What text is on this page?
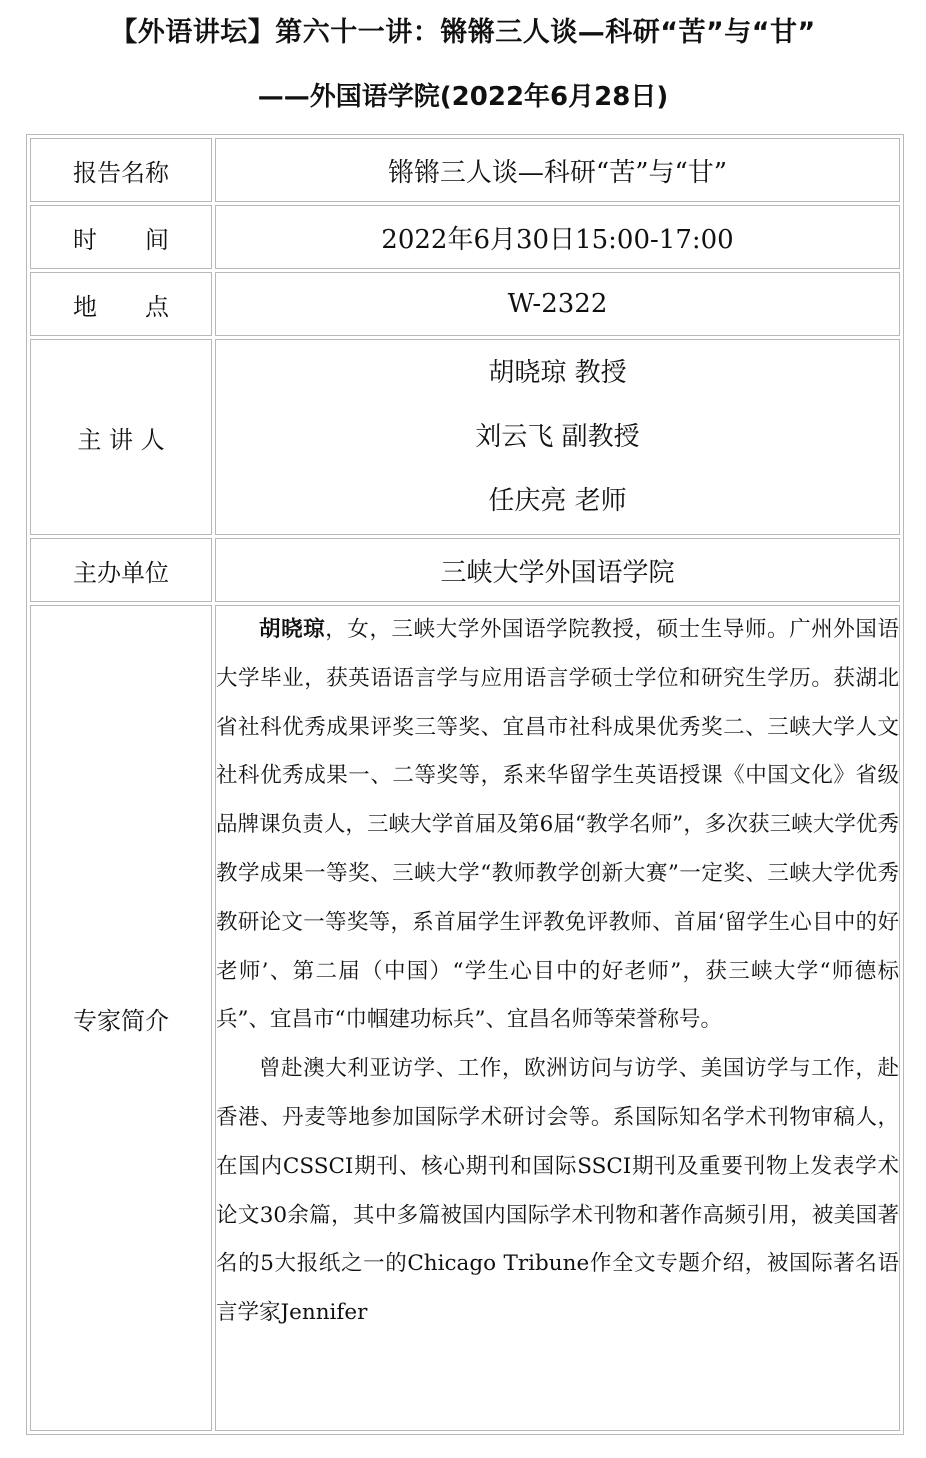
【外语讲坛】第六十一讲：锵锵三人谈—科研“苦”与“甘”
——外国语学院(2022年6月28日)
报告名称	锵锵三人谈—科研“苦”与“甘”
时　　间	2022年6月30日15:00-17:00
地　　点	W-2322
主 讲 人	胡晓琼 教授
刘云飞 副教授
任庆亮 老师

主办单位	三峡大学外国语学院
专家简介	胡晓琼，女，三峡大学外国语学院教授，硕士生导师。广州外国语大学毕业，获英语语言学与应用语言学硕士学位和研究生学历。获湖北省社科优秀成果评奖三等奖、宜昌市社科成果优秀奖二、三峡大学人文社科优秀成果一、二等奖等，系来华留学生英语授课《中国文化》省级品牌课负责人，三峡大学首届及第6届“教学名师”，多次获三峡大学优秀教学成果一等奖、三峡大学“教师教学创新大赛”一定奖、三峡大学优秀教研论文一等奖等，系首届学生评教免评教师、首届‘留学生心目中的好老师’、第二届（中国）“学生心目中的好老师”，获三峡大学“师德标兵”、宜昌市“巾帼建功标兵”、宜昌名师等荣誉称号。

曾赴澳大利亚访学、工作，欧洲访问与访学、美国访学与工作，赴香港、丹麦等地参加国际学术研讨会等。系国际知名学术刊物审稿人，在国内CSSCI期刊、核心期刊和国际SSCI期刊及重要刊物上发表学术论文30余篇，其中多篇被国内国际学术刊物和著作高频引用，被美国著名的5大报纸之一的Chicago Tribune作全文专题介绍，被国际著名语言学家Jennifer
